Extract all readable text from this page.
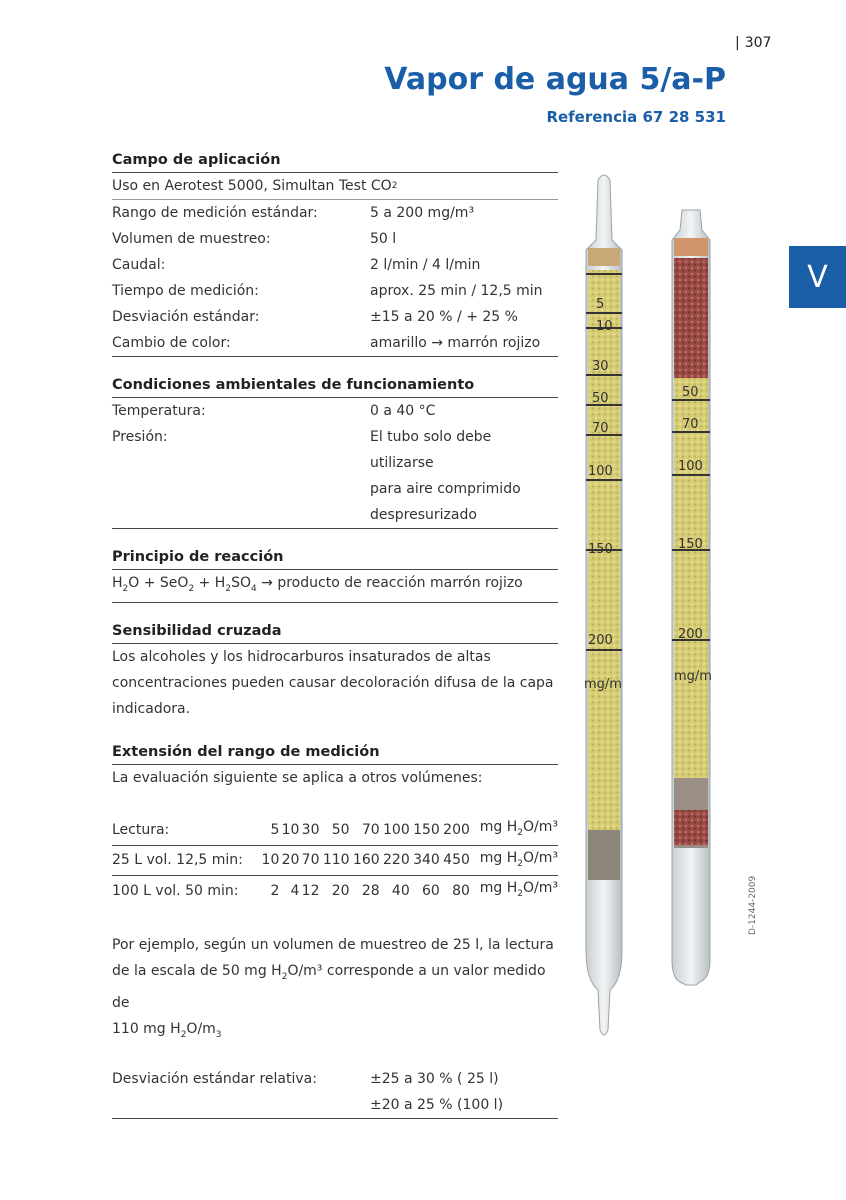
| 307
Vapor de agua 5/a-P
Referencia 67 28 531
V
Campo de aplicación
Uso en Aerotest 5000, Simultan Test CO 2
Rango de medición estándar:	5 a 200 mg/m³
Volumen de muestreo:	50 l
Caudal:	2 l/min / 4 l/min
Tiempo de medición:	aprox. 25 min / 12,5 min
Desviación estándar:	±15 a 20 % / + 25 %
Cambio de color:	amarillo → marrón rojizo
Condiciones ambientales de funcionamiento
Temperatura:	0 a 40 °C
Presión:	El tubo solo debe utilizarse
para aire comprimido
despresurizado
Principio de reacción
$H_2O + SeO_2 + H_2SO_4$ → producto de reacción marrón rojizo
Sensibilidad cruzada
Los alcoholes y los hidrocarburos insaturados de altas concentraciones pueden causar decoloración difusa de la capa indicadora.
Extensión del rango de medición
La evaluación siguiente se aplica a otros volúmenes:
Lectura:	5	10	30	50	70	100	150	200	mg $H_2O/m^3$
25 L vol. 12,5 min:	10	20	70	110	160	220	340	450	mg $H_2O/m^3$
100 L vol. 50 min:	2	4	12	20	28	40	60	80	mg $H_2O/m^3$
Por ejemplo, según un volumen de muestreo de 25 l, la lectura
de la escala de 50 mg $H_2O/m^3$ corresponde a un valor medido de
110 mg $H_2O/m_3$
Desviación estándar relativa:	±25 a 30 % ( 25 l)
±20 a 25 % (100 l)
5
10
30
50
70
100
150
200
mg/m
50
70
100
150
200
mg/m
D-1244-2009
